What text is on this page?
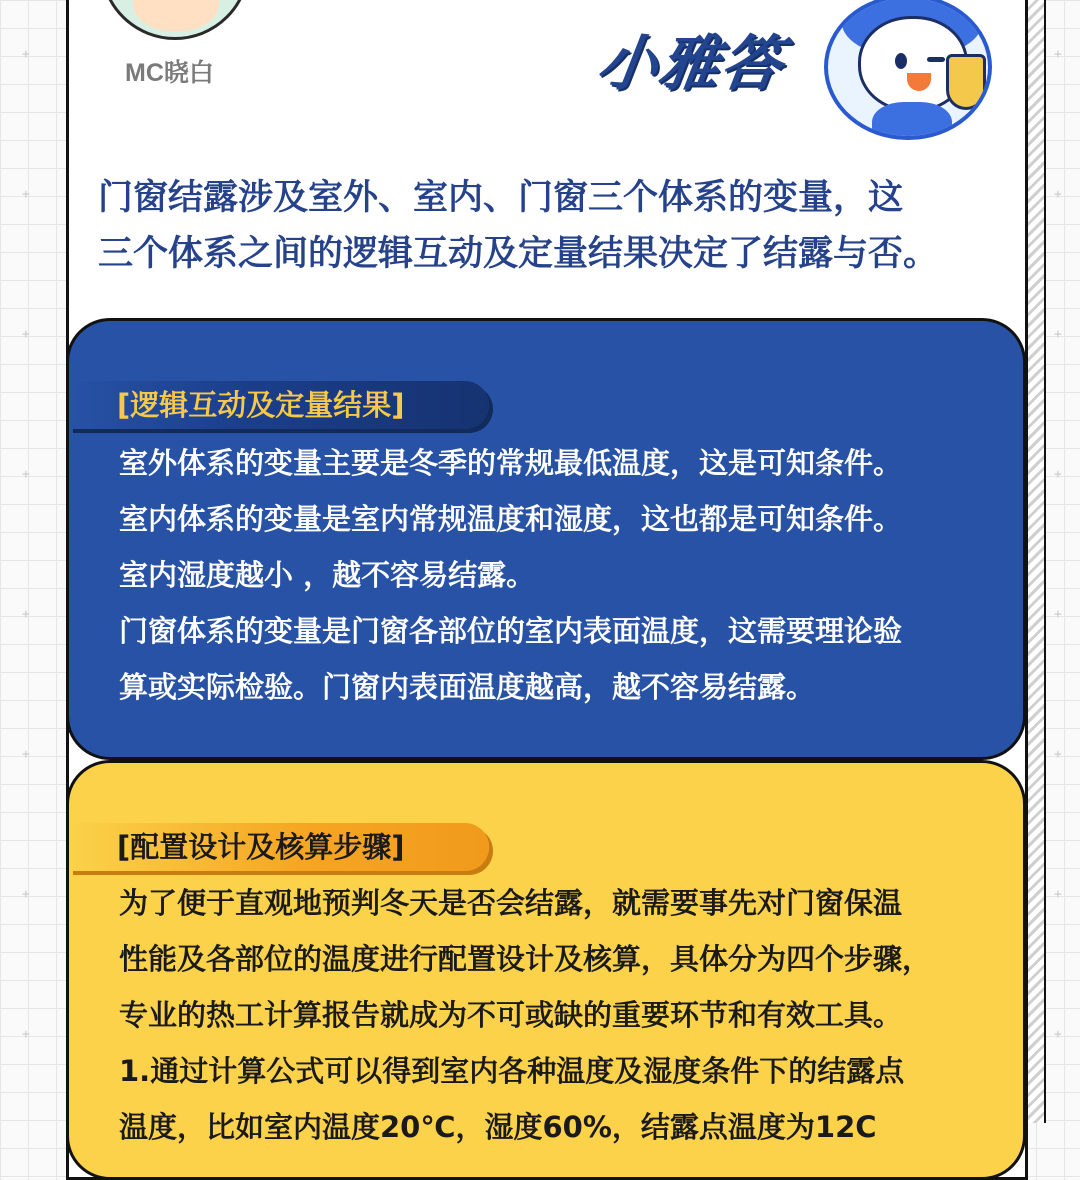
+
+
+
+
+
+
+
+
+
+
+
+
+
+
+
+
MC晓白	小雅答

门窗结露涉及室外、室内、门窗三个体系的变量，这

三个体系之间的逻辑互动及定量结果决定了结露与否。

[逻辑互动及定量结果]

室外体系的变量主要是冬季的常规最低温度，这是可知条件。

室内体系的变量是室内常规温度和湿度，这也都是可知条件。

室内湿度越小 ，越不容易结露。

门窗体系的变量是门窗各部位的室内表面温度，这需要理论验

算或实际检验。门窗内表面温度越高，越不容易结露。

[配置设计及核算步骤]

为了便于直观地预判冬天是否会结露，就需要事先对门窗保温

性能及各部位的温度进行配置设计及核算，具体分为四个步骤，

专业的热工计算报告就成为不可或缺的重要环节和有效工具。

1.通过计算公式可以得到室内各种温度及湿度条件下的结露点

温度，比如室内温度20℃，湿度60%，结露点温度为12C
